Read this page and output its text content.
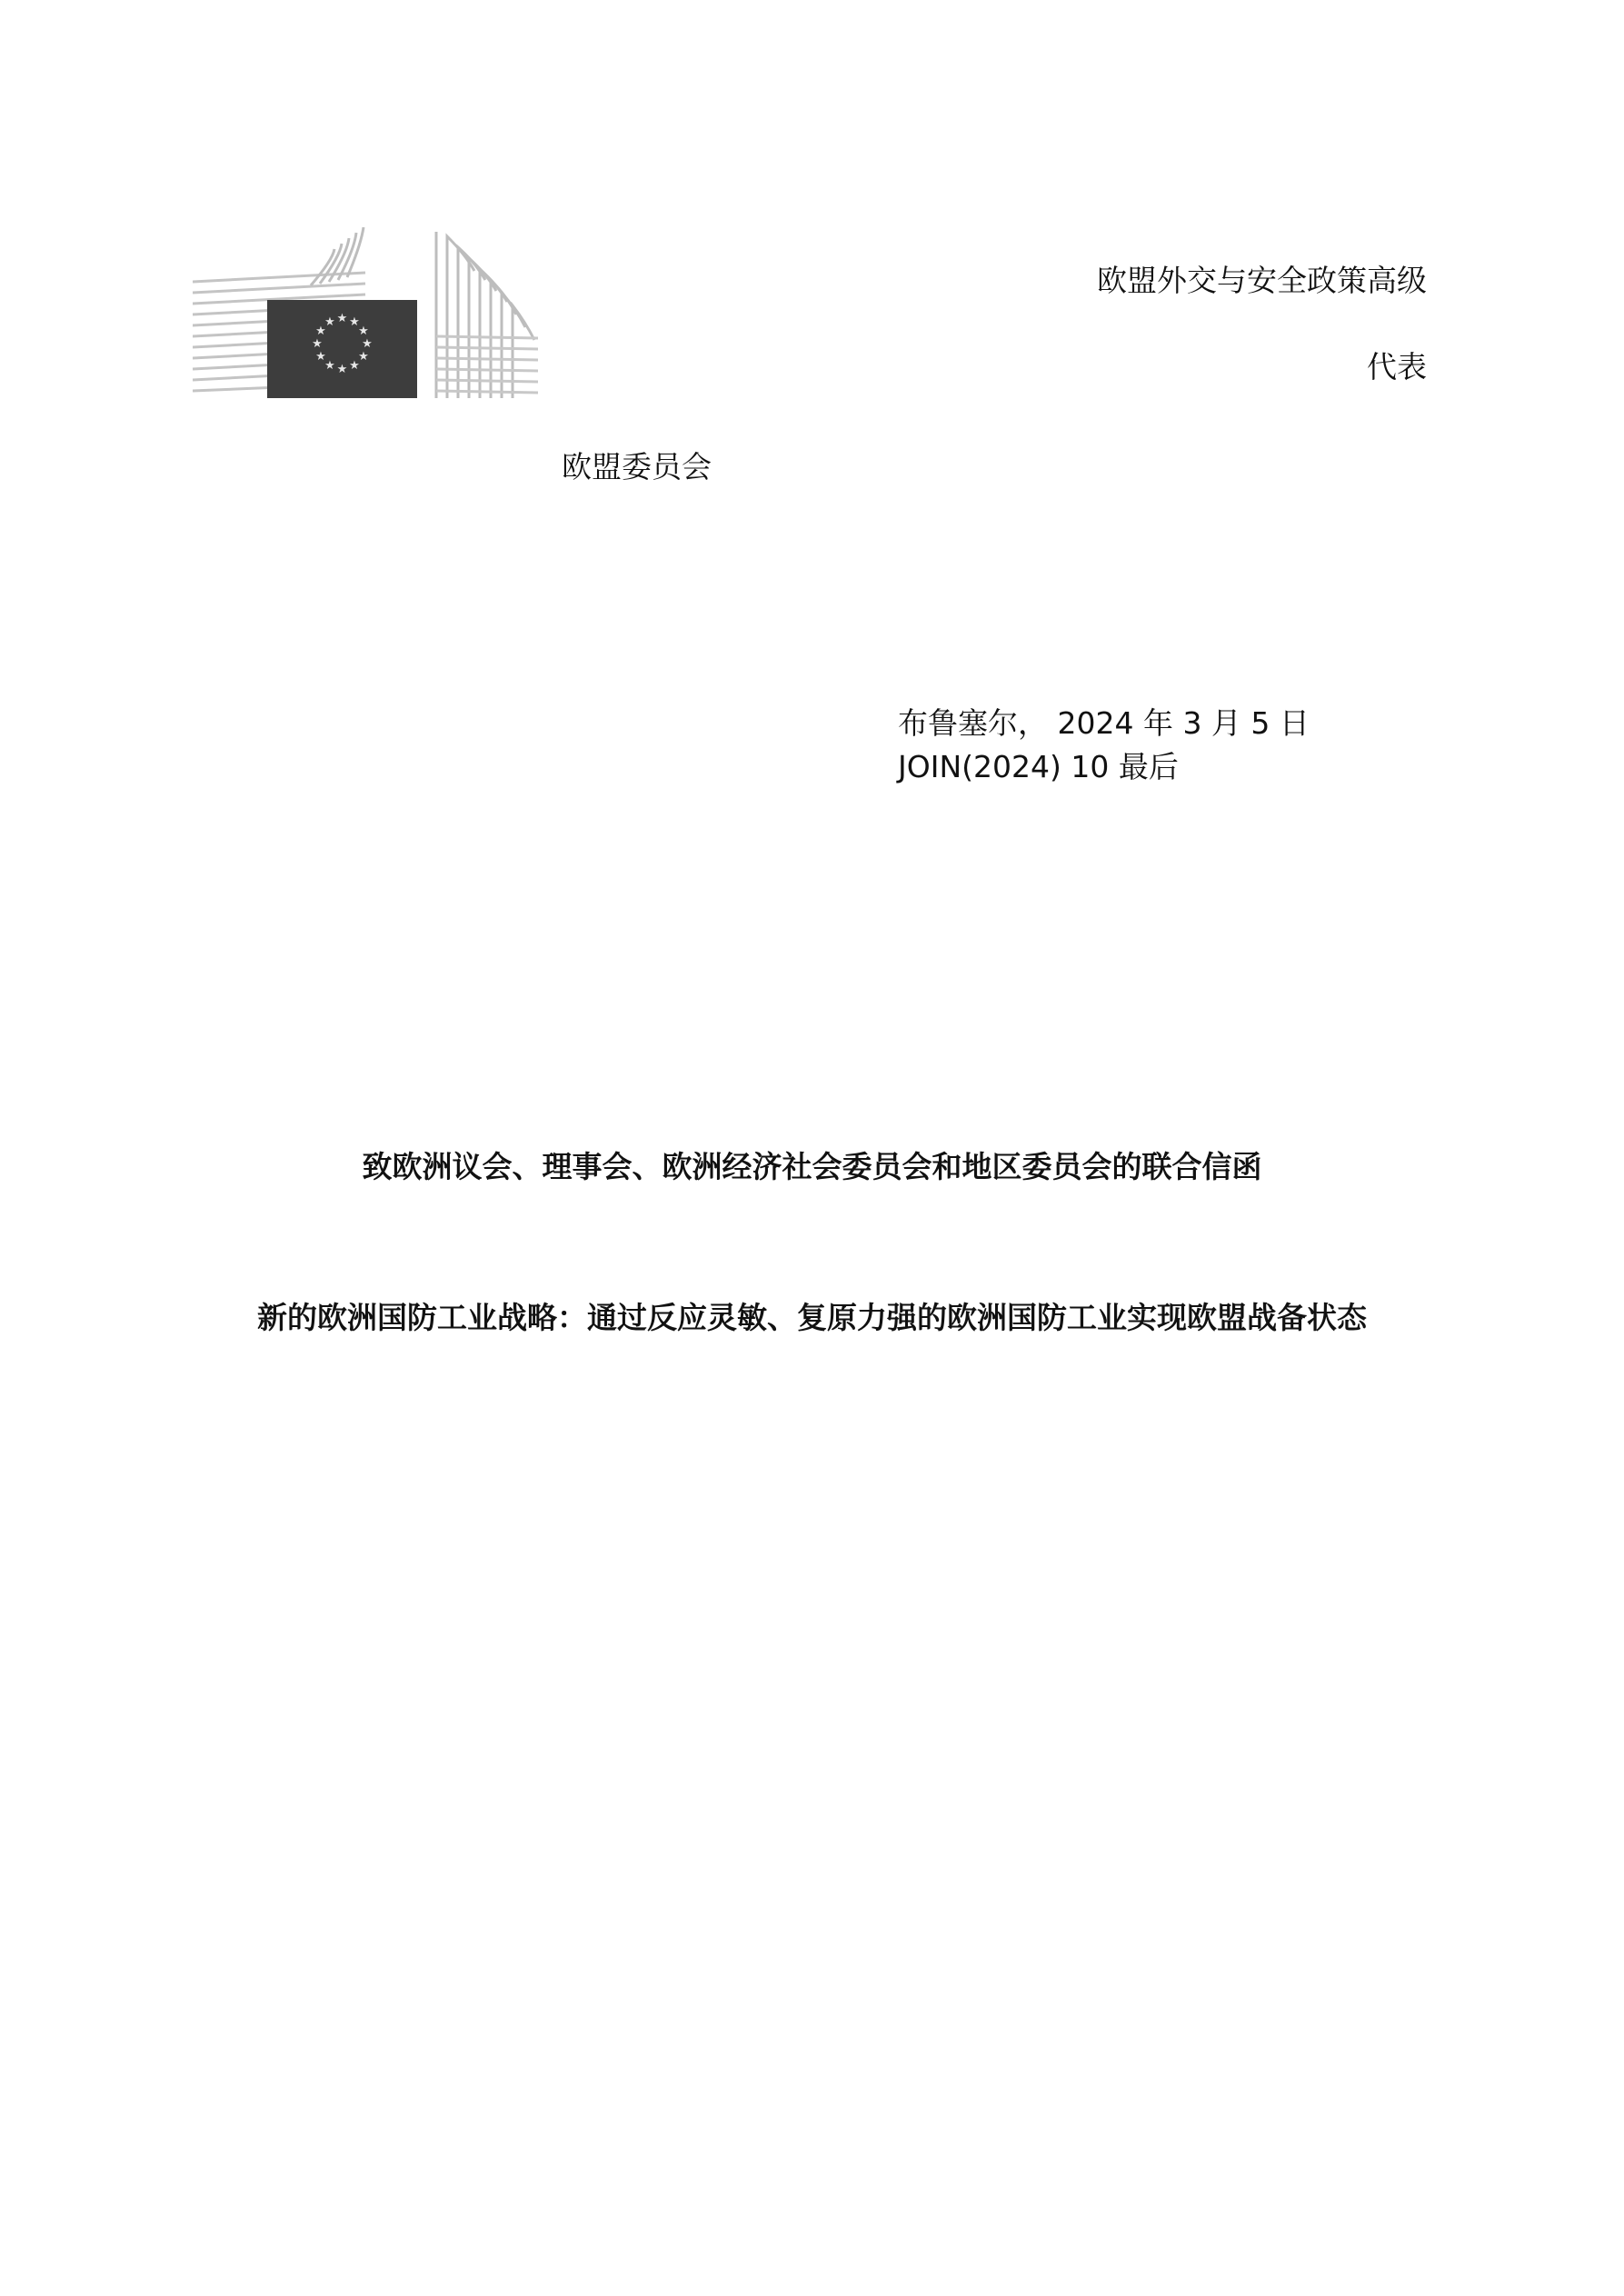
★ ★
★
★
★
★
★
★
★
★
★
★
欧盟外交与安全政策高级
代表
欧盟委员会
布鲁塞尔， 2024 年 3 月 5 日
JOIN(2024) 10 最后
致欧洲议会、理事会、欧洲经济社会委员会和地区委员会的联合信函
新的欧洲国防工业战略：通过反应灵敏、复原力强的欧洲国防工业实现欧盟战备状态
